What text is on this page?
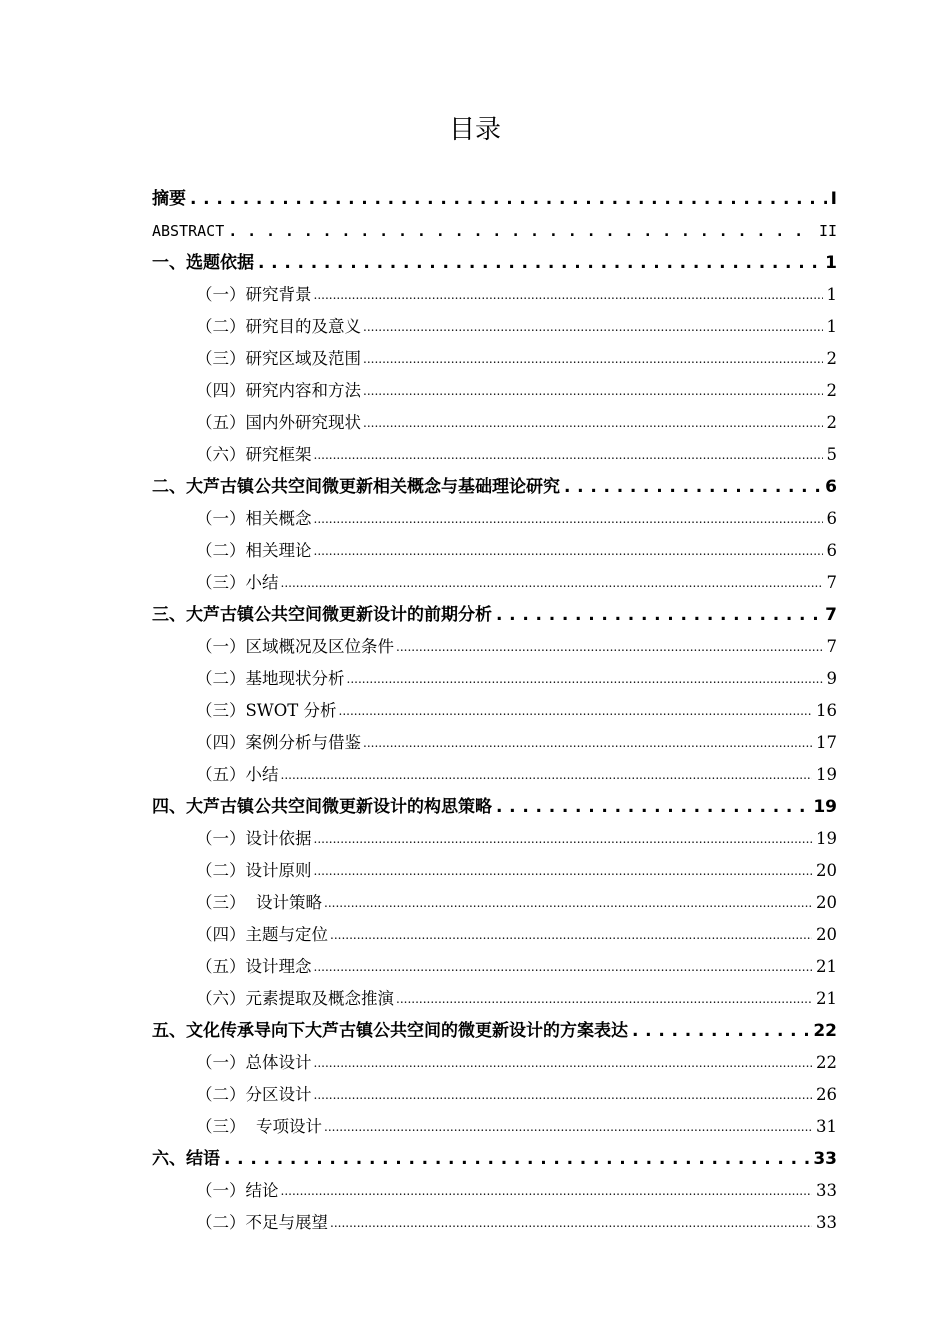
目录
摘要 . . .	I
ABSTRACT . . .	II
一、选题依据 . . .	1
（一）研究背景 .....	1
（二）研究目的及意义 .....	1
（三）研究区域及范围 .....	2
（四）研究内容和方法 .....	2
（五）国内外研究现状 .....	2
（六）研究框架 .....	5
二、大芦古镇公共空间微更新相关概念与基础理论研究 . . .	6
（一）相关概念 .....	6
（二）相关理论 .....	6
（三）小结 .....	7
三、大芦古镇公共空间微更新设计的前期分析 . . .	7
（一）区域概况及区位条件 .....	7
（二）基地现状分析 .....	9
（三）SWOT 分析 .....	16
（四）案例分析与借鉴 .....	17
（五）小结 .....	19
四、大芦古镇公共空间微更新设计的构思策略 . . .	19
（一）设计依据 .....	19
（二）设计原则 .....	20
（三）  设计策略 .....	20
（四）主题与定位 .....	20
（五）设计理念 .....	21
（六）元素提取及概念推演 .....	21
五、文化传承导向下大芦古镇公共空间的微更新设计的方案表达 . . .	22
（一）总体设计 .....	22
（二）分区设计 .....	26
（三）  专项设计 .....	31
六、结语 . . .	33
（一）结论 .....	33
（二）不足与展望 .....	33
